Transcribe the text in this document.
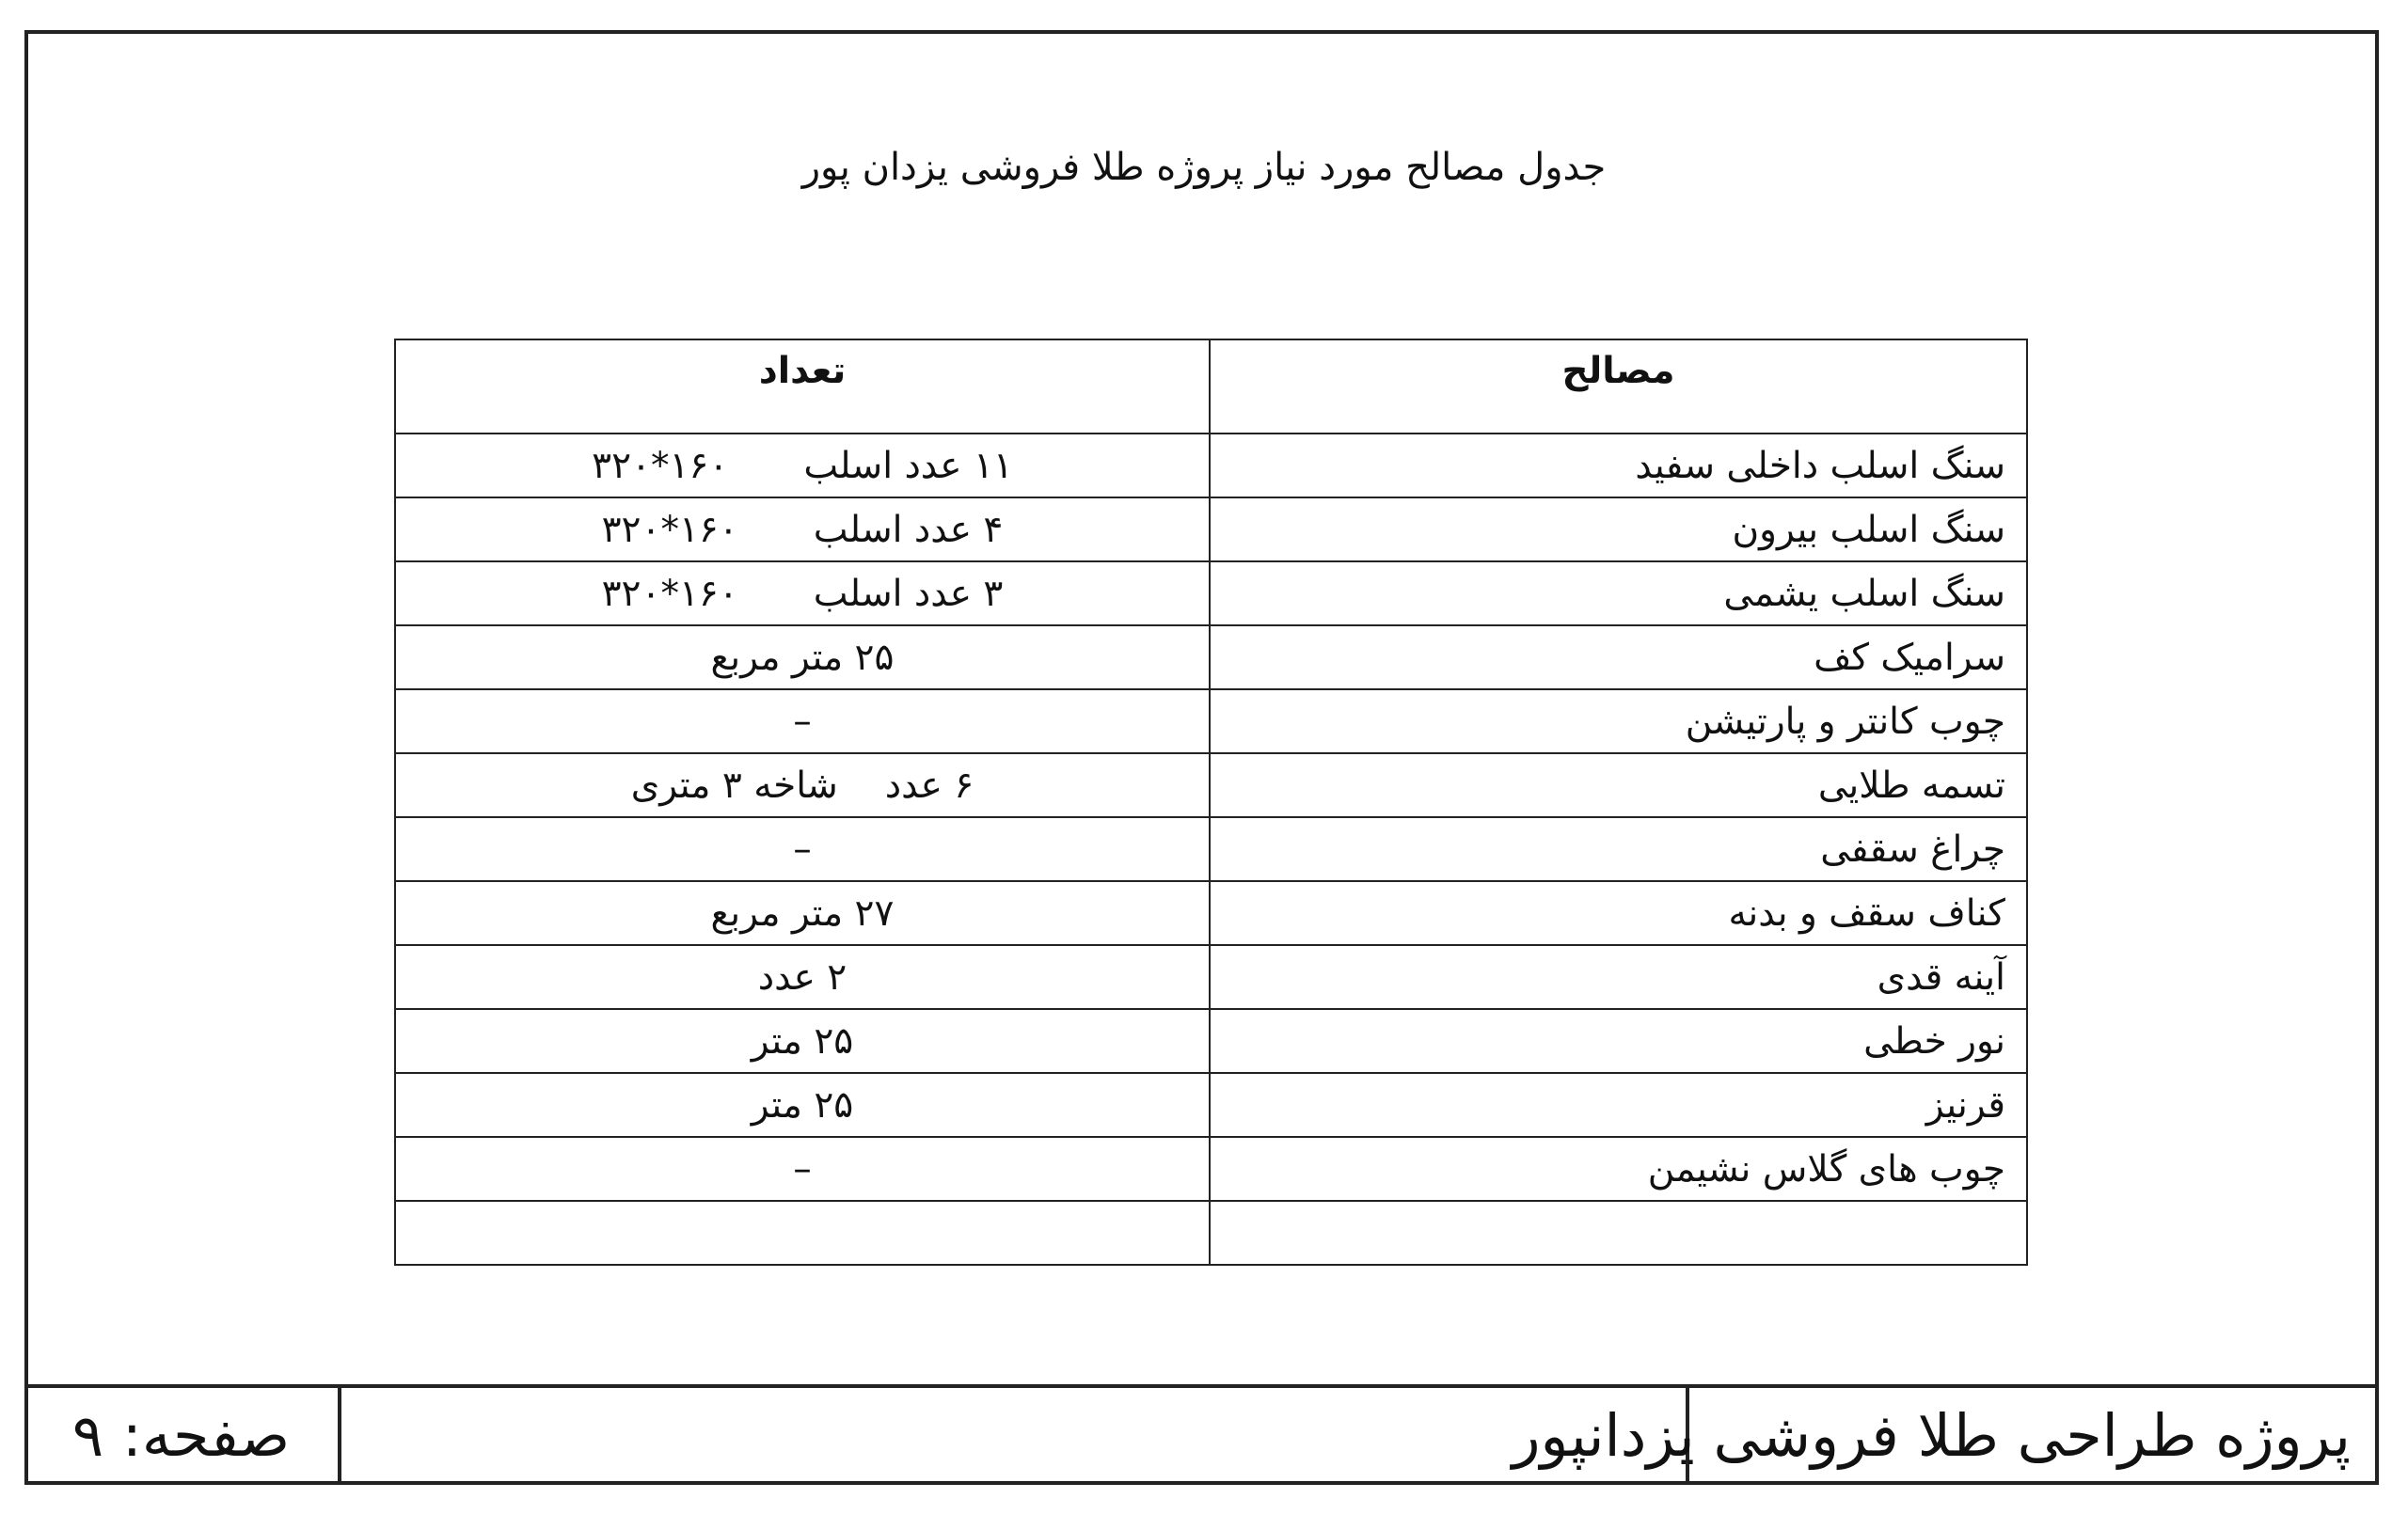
جدول مصالح مورد نیاز پروژه طلا فروشی یزدان پور
مصالح	تعداد
سنگ اسلب داخلی سفید	۱۱ عدد اسلب۱۶۰*۳۲۰
سنگ اسلب بیرون	۴ عدد اسلب۱۶۰*۳۲۰
سنگ اسلب یشمی	۳ عدد اسلب۱۶۰*۳۲۰
سرامیک کف	۲۵ متر مربع
چوب کانتر و پارتیشن	–
تسمه طلایی	۶ عددشاخه ۳ متری
چراغ سقفی	–
کناف سقف و بدنه	۲۷ متر مربع
آینه قدی	۲ عدد
نور خطی	۲۵ متر
قرنیز	۲۵ متر
چوب های گلاس نشیمن	–

پروژه طراحی طلا فروشی یزدانپور
صفحه: ۹
